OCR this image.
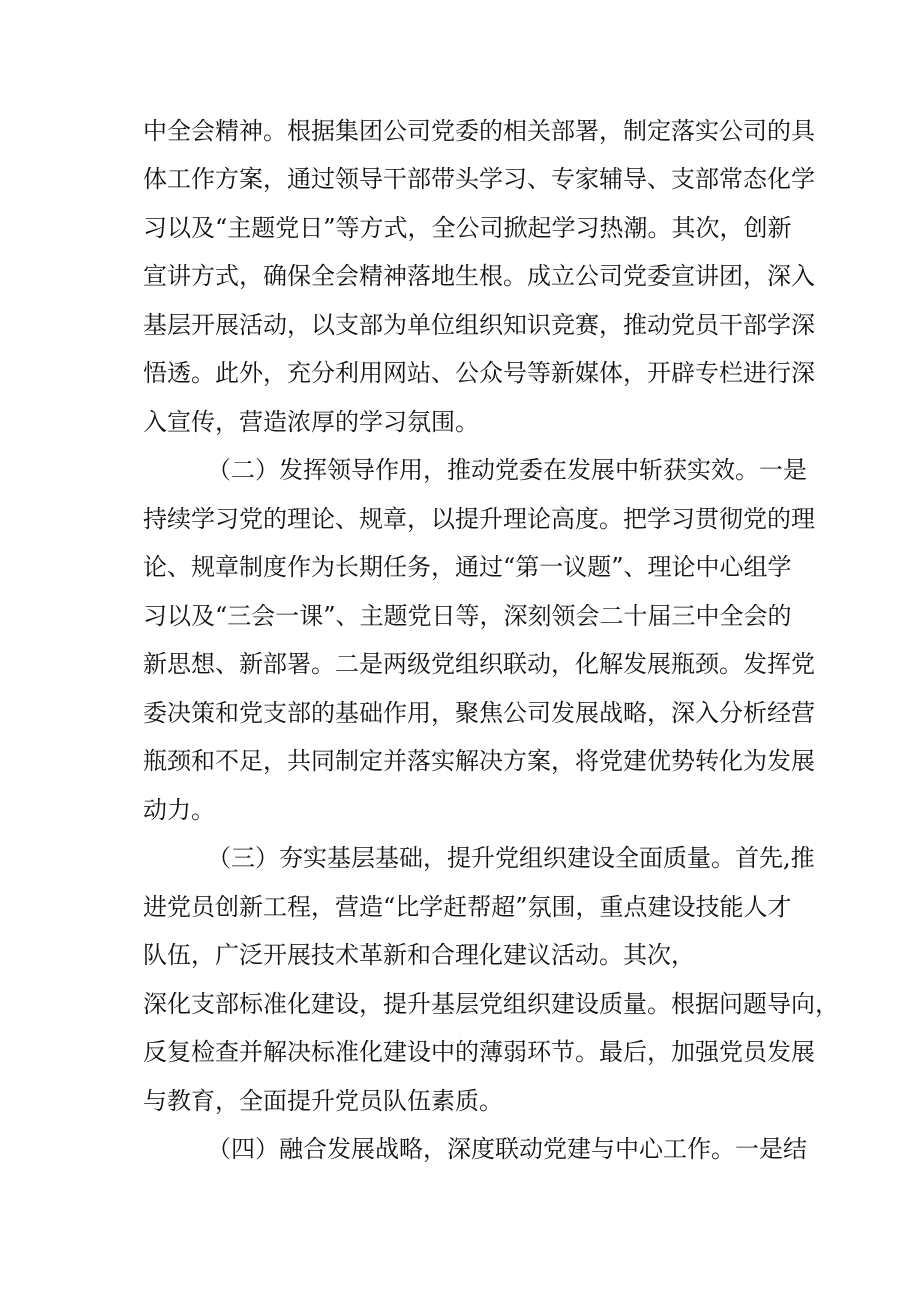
中全会精神。根据集团公司党委的相关部署，制定落实公司的具
体工作方案，通过领导干部带头学习、专家辅导、支部常态化学
习以及“主题党日”等方式，全公司掀起学习热潮。其次，创新
宣讲方式，确保全会精神落地生根。成立公司党委宣讲团，深入
基层开展活动，以支部为单位组织知识竞赛，推动党员干部学深
悟透。此外，充分利用网站、公众号等新媒体，开辟专栏进行深
入宣传，营造浓厚的学习氛围。
（二）发挥领导作用，推动党委在发展中斩获实效。一是
持续学习党的理论、规章，以提升理论高度。把学习贯彻党的理
论、规章制度作为长期任务，通过“第一议题”、理论中心组学
习以及“三会一课”、主题党日等，深刻领会二十届三中全会的
新思想、新部署。二是两级党组织联动，化解发展瓶颈。发挥党
委决策和党支部的基础作用，聚焦公司发展战略，深入分析经营
瓶颈和不足，共同制定并落实解决方案，将党建优势转化为发展
动力。
（三）夯实基层基础，提升党组织建设全面质量。首先,推
进党员创新工程，营造“比学赶帮超”氛围，重点建设技能人才
队伍，广泛开展技术革新和合理化建议活动。其次，
深化支部标准化建设，提升基层党组织建设质量。根据问题导向，
反复检查并解决标准化建设中的薄弱环节。最后，加强党员发展
与教育，全面提升党员队伍素质。
（四）融合发展战略，深度联动党建与中心工作。一是结
